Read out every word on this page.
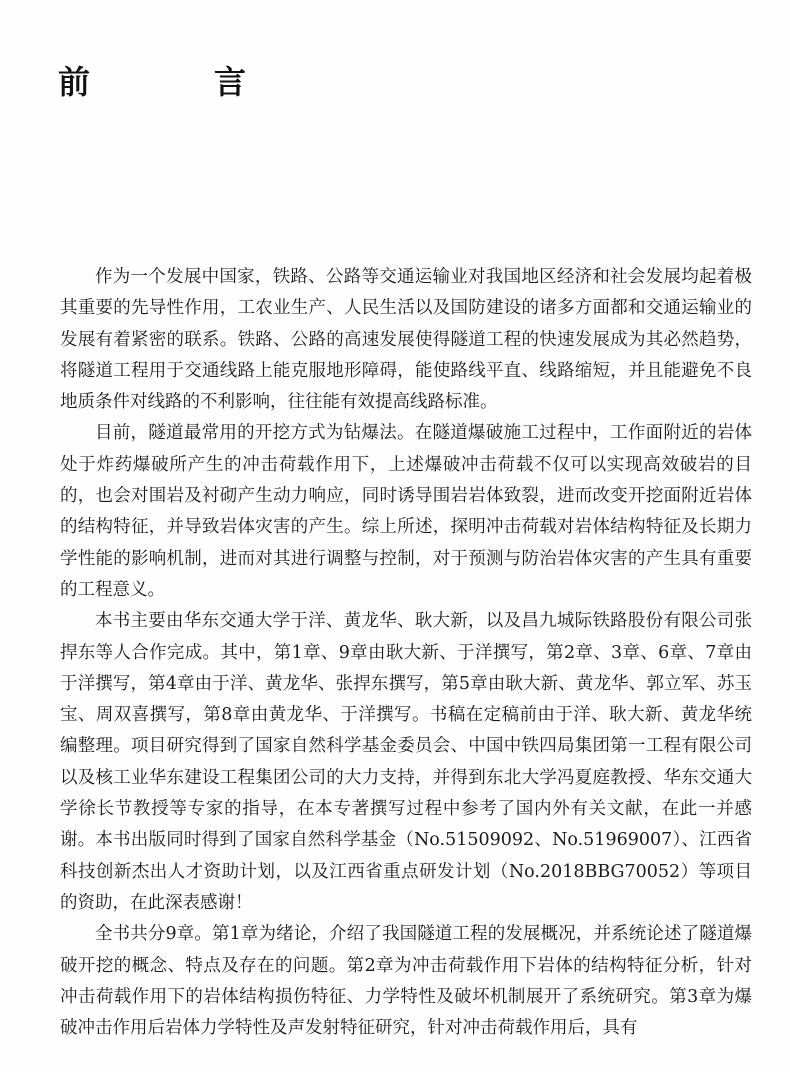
前　言

作为一个发展中国家，铁路、公路等交通运输业对我国地区经济和社会发展均起着极其重要的先导性作用，工农业生产、人民生活以及国防建设的诸多方面都和交通运输业的发展有着紧密的联系。铁路、公路的高速发展使得隧道工程的快速发展成为其必然趋势，将隧道工程用于交通线路上能克服地形障碍，能使路线平直、线路缩短，并且能避免不良地质条件对线路的不利影响，往往能有效提高线路标准。

目前，隧道最常用的开挖方式为钻爆法。在隧道爆破施工过程中，工作面附近的岩体处于炸药爆破所产生的冲击荷载作用下，上述爆破冲击荷载不仅可以实现高效破岩的目的，也会对围岩及衬砌产生动力响应，同时诱导围岩岩体致裂，进而改变开挖面附近岩体的结构特征，并导致岩体灾害的产生。综上所述，探明冲击荷载对岩体结构特征及长期力学性能的影响机制，进而对其进行调整与控制，对于预测与防治岩体灾害的产生具有重要的工程意义。

本书主要由华东交通大学于洋、黄龙华、耿大新，以及昌九城际铁路股份有限公司张捍东等人合作完成。其中，第1章、9章由耿大新、于洋撰写，第2章、3章、6章、7章由于洋撰写，第4章由于洋、黄龙华、张捍东撰写，第5章由耿大新、黄龙华、郭立军、苏玉宝、周双喜撰写，第8章由黄龙华、于洋撰写。书稿在定稿前由于洋、耿大新、黄龙华统编整理。项目研究得到了国家自然科学基金委员会、中国中铁四局集团第一工程有限公司以及核工业华东建设工程集团公司的大力支持，并得到东北大学冯夏庭教授、华东交通大学徐长节教授等专家的指导，在本专著撰写过程中参考了国内外有关文献，在此一并感谢。本书出版同时得到了国家自然科学基金（No.51509092、No.51969007）、江西省科技创新杰出人才资助计划，以及江西省重点研发计划（No.2018BBG70052）等项目的资助，在此深表感谢！

全书共分9章。第1章为绪论，介绍了我国隧道工程的发展概况，并系统论述了隧道爆破开挖的概念、特点及存在的问题。第2章为冲击荷载作用下岩体的结构特征分析，针对冲击荷载作用下的岩体结构损伤特征、力学特性及破坏机制展开了系统研究。第3章为爆破冲击作用后岩体力学特性及声发射特征研究，针对冲击荷载作用后，具有
